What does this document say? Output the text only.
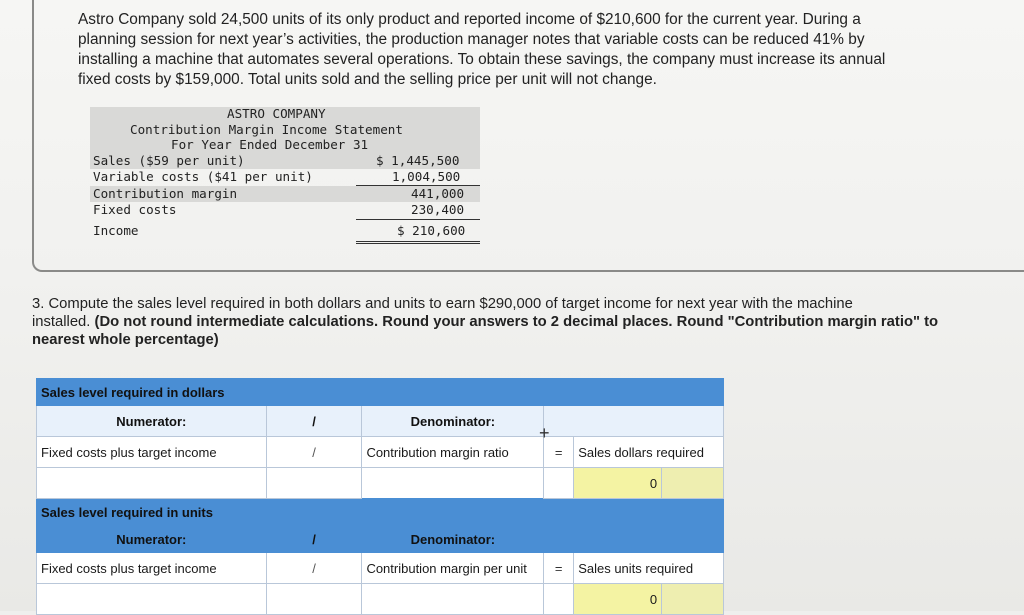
Astro Company sold 24,500 units of its only product and reported income of $210,600 for the current year. During a
planning session for next year’s activities, the production manager notes that variable costs can be reduced 41% by
installing a machine that automates several operations. To obtain these savings, the company must increase its annual
fixed costs by $159,000. Total units sold and the selling price per unit will not change.
ASTRO COMPANY
Contribution Margin Income Statement
For Year Ended December 31
Sales ($59 per unit)	$ 1,445,500
Variable costs ($41 per unit)	1,004,500
Contribution margin	441,000
Fixed costs	230,400
Income	$ 210,600
3. Compute the sales level required in both dollars and units to earn $290,000 of target income for next year with the machine
installed. (Do not round intermediate calculations. Round your answers to 2 decimal places. Round "Contribution margin ratio" to
nearest whole percentage)
Sales level required in dollars					
Numerator:	/	Denominator:			
Fixed costs plus target income	/	Contribution margin ratio	=	Sales dollars required	
				0	
Sales level required in units					
Numerator:	/	Denominator:			
Fixed costs plus target income	/	Contribution margin per unit	=	Sales units required	
				0	
+
